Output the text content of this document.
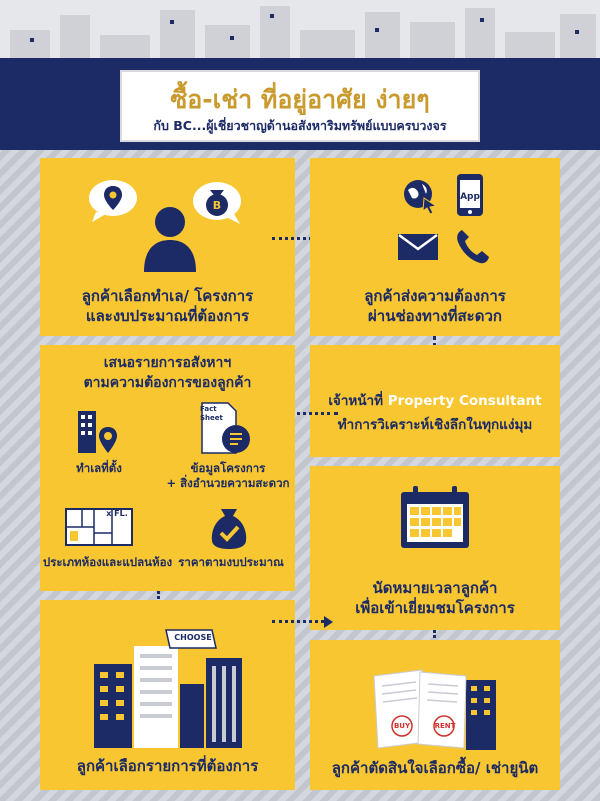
ซื้อ-เช่า ที่อยู่อาศัย ง่ายๆ
กับ BC...ผู้เชี่ยวชาญด้านอสังหาริมทรัพย์แบบครบวงจร
B
ลูกค้าเลือกทำเล/ โครงการ
และงบประมาณที่ต้องการ
App
ลูกค้าส่งความต้องการ
ผ่านช่องทางที่สะดวก
เจ้าหน้าที่ Property Consultant
ทำการวิเคราะห์เชิงลึกในทุกแง่มุม
เสนอรายการอสังหาฯ
ตามความต้องการของลูกค้า
ทำเลที่ตั้ง
Fact Sheet
ข้อมูลโครงการ
+ สิ่งอำนวยความสะดวก
x FL.
ประเภทห้องและแปลนห้อง ราคาตามงบประมาณ
นัดหมายเวลาลูกค้า
เพื่อเข้าเยี่ยมชมโครงการ
CHOOSE
ลูกค้าเลือกรายการที่ต้องการ
BUY	RENT
ลูกค้าตัดสินใจเลือกซื้อ/ เช่ายูนิต
